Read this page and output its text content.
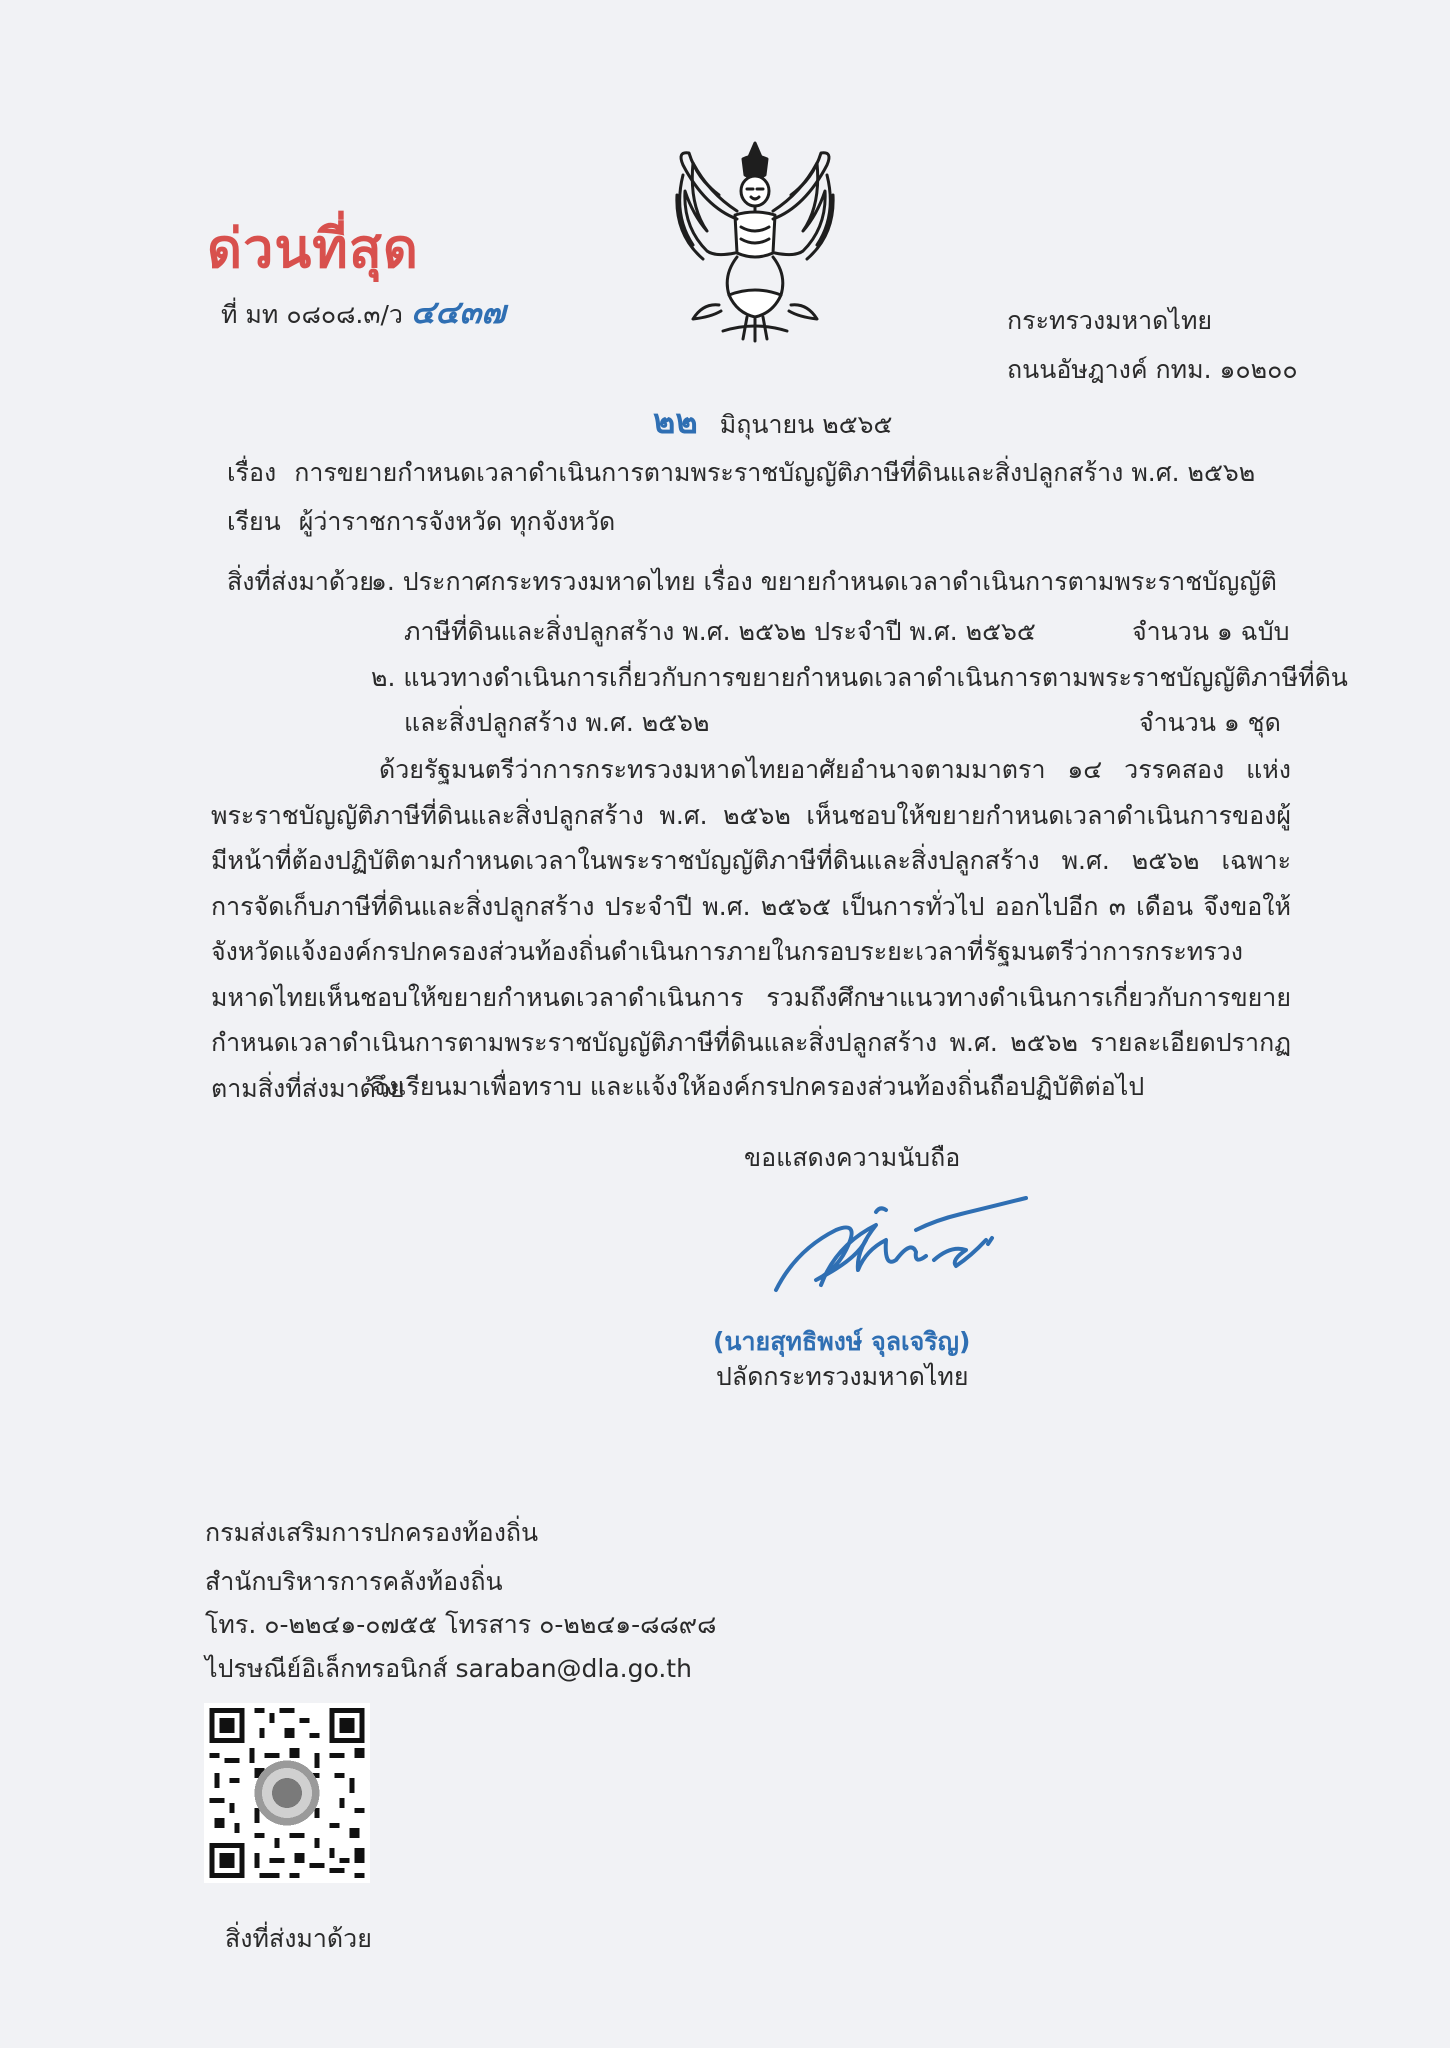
ด่วนที่สุด
ที่ มท ๐๘๐๘.๓/ว ๔๔๓๗	กระทรวงมหาดไทย
ถนนอัษฎางค์ กทม. ๑๐๒๐๐
๒๒ มิถุนายน ๒๕๖๕
เรื่อง การขยายกำหนดเวลาดำเนินการตามพระราชบัญญัติภาษีที่ดินและสิ่งปลูกสร้าง พ.ศ. ๒๕๖๒
เรียน ผู้ว่าราชการจังหวัด ทุกจังหวัด
สิ่งที่ส่งมาด้วย
๑. ประกาศกระทรวงมหาดไทย เรื่อง ขยายกำหนดเวลาดำเนินการตามพระราชบัญญัติ
ภาษีที่ดินและสิ่งปลูกสร้าง พ.ศ. ๒๕๖๒ ประจำปี พ.ศ. ๒๕๖๕	จำนวน ๑ ฉบับ
๒. แนวทางดำเนินการเกี่ยวกับการขยายกำหนดเวลาดำเนินการตามพระราชบัญญัติภาษีที่ดิน
และสิ่งปลูกสร้าง พ.ศ. ๒๕๖๒	จำนวน ๑ ชุด
ด้วยรัฐมนตรีว่าการกระทรวงมหาดไทยอาศัยอำนาจตามมาตรา ๑๔ วรรคสอง แห่งพระราชบัญญัติภาษีที่ดินและสิ่งปลูกสร้าง พ.ศ. ๒๕๖๒ เห็นชอบให้ขยายกำหนดเวลาดำเนินการของผู้มีหน้าที่ต้องปฏิบัติตามกำหนดเวลาในพระราชบัญญัติภาษีที่ดินและสิ่งปลูกสร้าง พ.ศ. ๒๕๖๒ เฉพาะการจัดเก็บภาษีที่ดินและสิ่งปลูกสร้าง ประจำปี พ.ศ. ๒๕๖๕ เป็นการทั่วไป ออกไปอีก ๓ เดือน จึงขอให้จังหวัดแจ้งองค์กรปกครองส่วนท้องถิ่นดำเนินการภายในกรอบระยะเวลาที่รัฐมนตรีว่าการกระทรวงมหาดไทยเห็นชอบให้ขยายกำหนดเวลาดำเนินการ รวมถึงศึกษาแนวทางดำเนินการเกี่ยวกับการขยายกำหนดเวลาดำเนินการตามพระราชบัญญัติภาษีที่ดินและสิ่งปลูกสร้าง พ.ศ. ๒๕๖๒ รายละเอียดปรากฏตามสิ่งที่ส่งมาด้วย
จึงเรียนมาเพื่อทราบ และแจ้งให้องค์กรปกครองส่วนท้องถิ่นถือปฏิบัติต่อไป
ขอแสดงความนับถือ
(นายสุทธิพงษ์ จุลเจริญ)
ปลัดกระทรวงมหาดไทย
กรมส่งเสริมการปกครองท้องถิ่น
สำนักบริหารการคลังท้องถิ่น
โทร. ๐-๒๒๔๑-๐๗๕๕ โทรสาร ๐-๒๒๔๑-๘๘๙๘
ไปรษณีย์อิเล็กทรอนิกส์ saraban@dla.go.th
สิ่งที่ส่งมาด้วย
